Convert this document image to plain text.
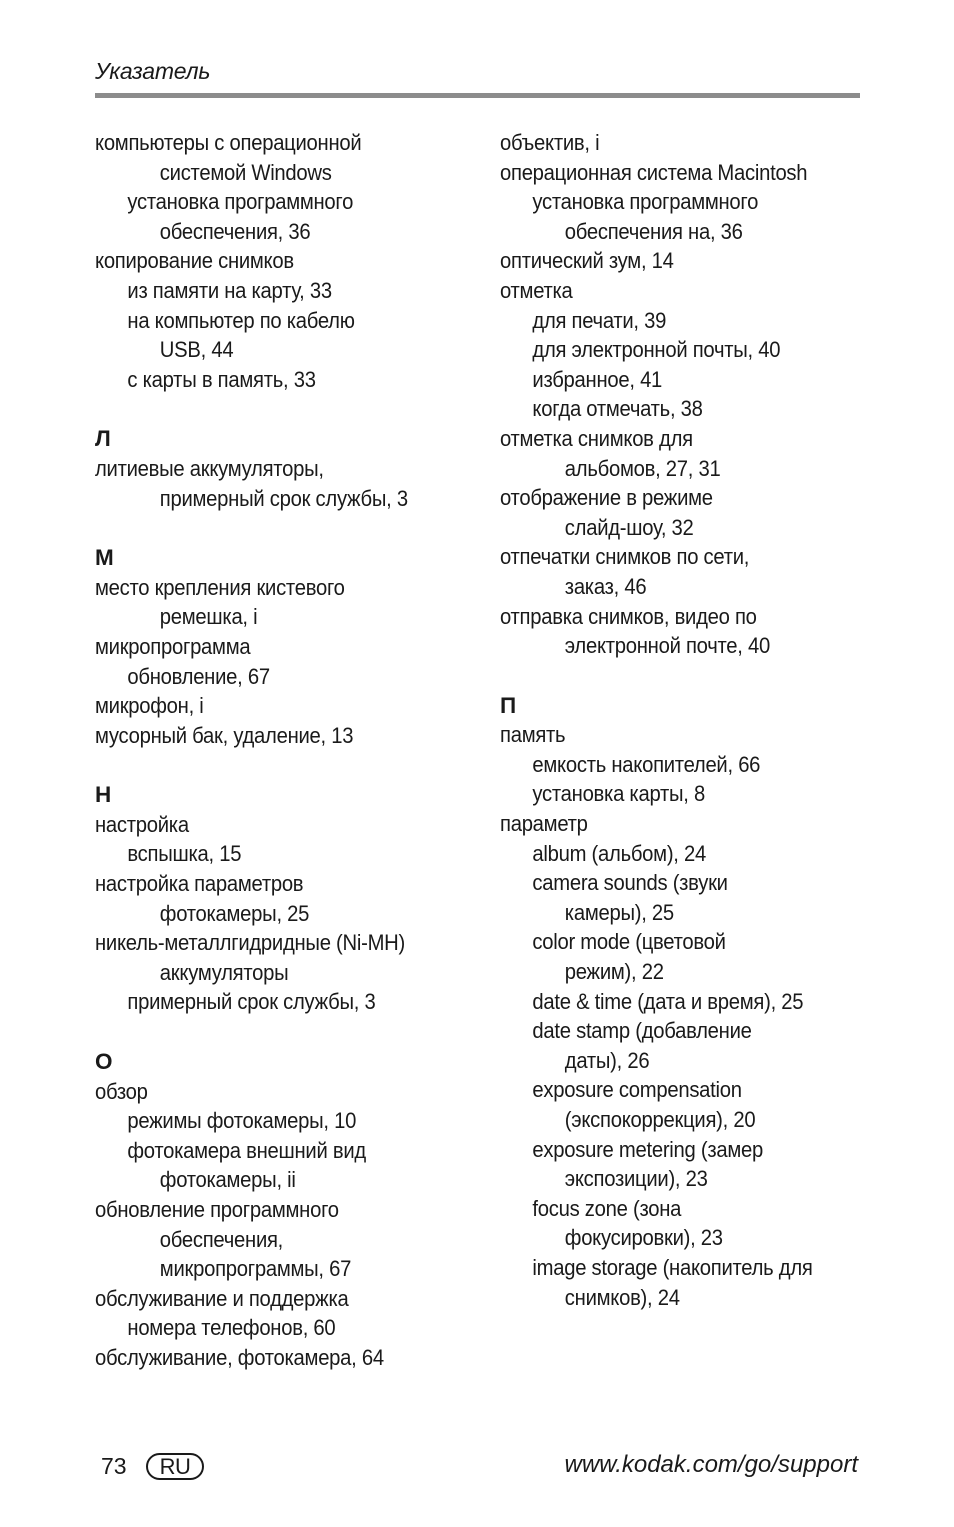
Указатель
компьютеры с операционной
системой Windows
установка программного
обеспечения, 36
копирование снимков
из памяти на карту, 33
на компьютер по кабелю
USB, 44
с карты в память, 33
Л
литиевые аккумуляторы,
примерный срок службы, 3
М
место крепления кистевого
ремешка, i
микропрограмма
обновление, 67
микрофон, i
мусорный бак, удаление, 13
Н
настройка
вспышка, 15
настройка параметров
фотокамеры, 25
никель-металлгидридные (Ni-MH)
аккумуляторы
примерный срок службы, 3
О
обзор
режимы фотокамеры, 10
фотокамера внешний вид
фотокамеры, ii
обновление программного
обеспечения,
микропрограммы, 67
обслуживание и поддержка
номера телефонов, 60
обслуживание, фотокамера, 64
объектив, i
операционная система Macintosh
установка программного
обеспечения на, 36
оптический зум, 14
отметка
для печати, 39
для электронной почты, 40
избранное, 41
когда отмечать, 38
отметка снимков для
альбомов, 27, 31
отображение в режиме
слайд-шоу, 32
отпечатки снимков по сети,
заказ, 46
отправка снимков, видео по
электронной почте, 40
П
память
емкость накопителей, 66
установка карты, 8
параметр
album (альбом), 24
camera sounds (звуки
камеры), 25
color mode (цветовой
режим), 22
date & time (дата и время), 25
date stamp (добавление
даты), 26
exposure compensation
(экспокоррекция), 20
exposure metering (замер
экспозиции), 23
focus zone (зона
фокусировки), 23
image storage (накопитель для
снимков), 24
73	RU	www.kodak.com/go/support
